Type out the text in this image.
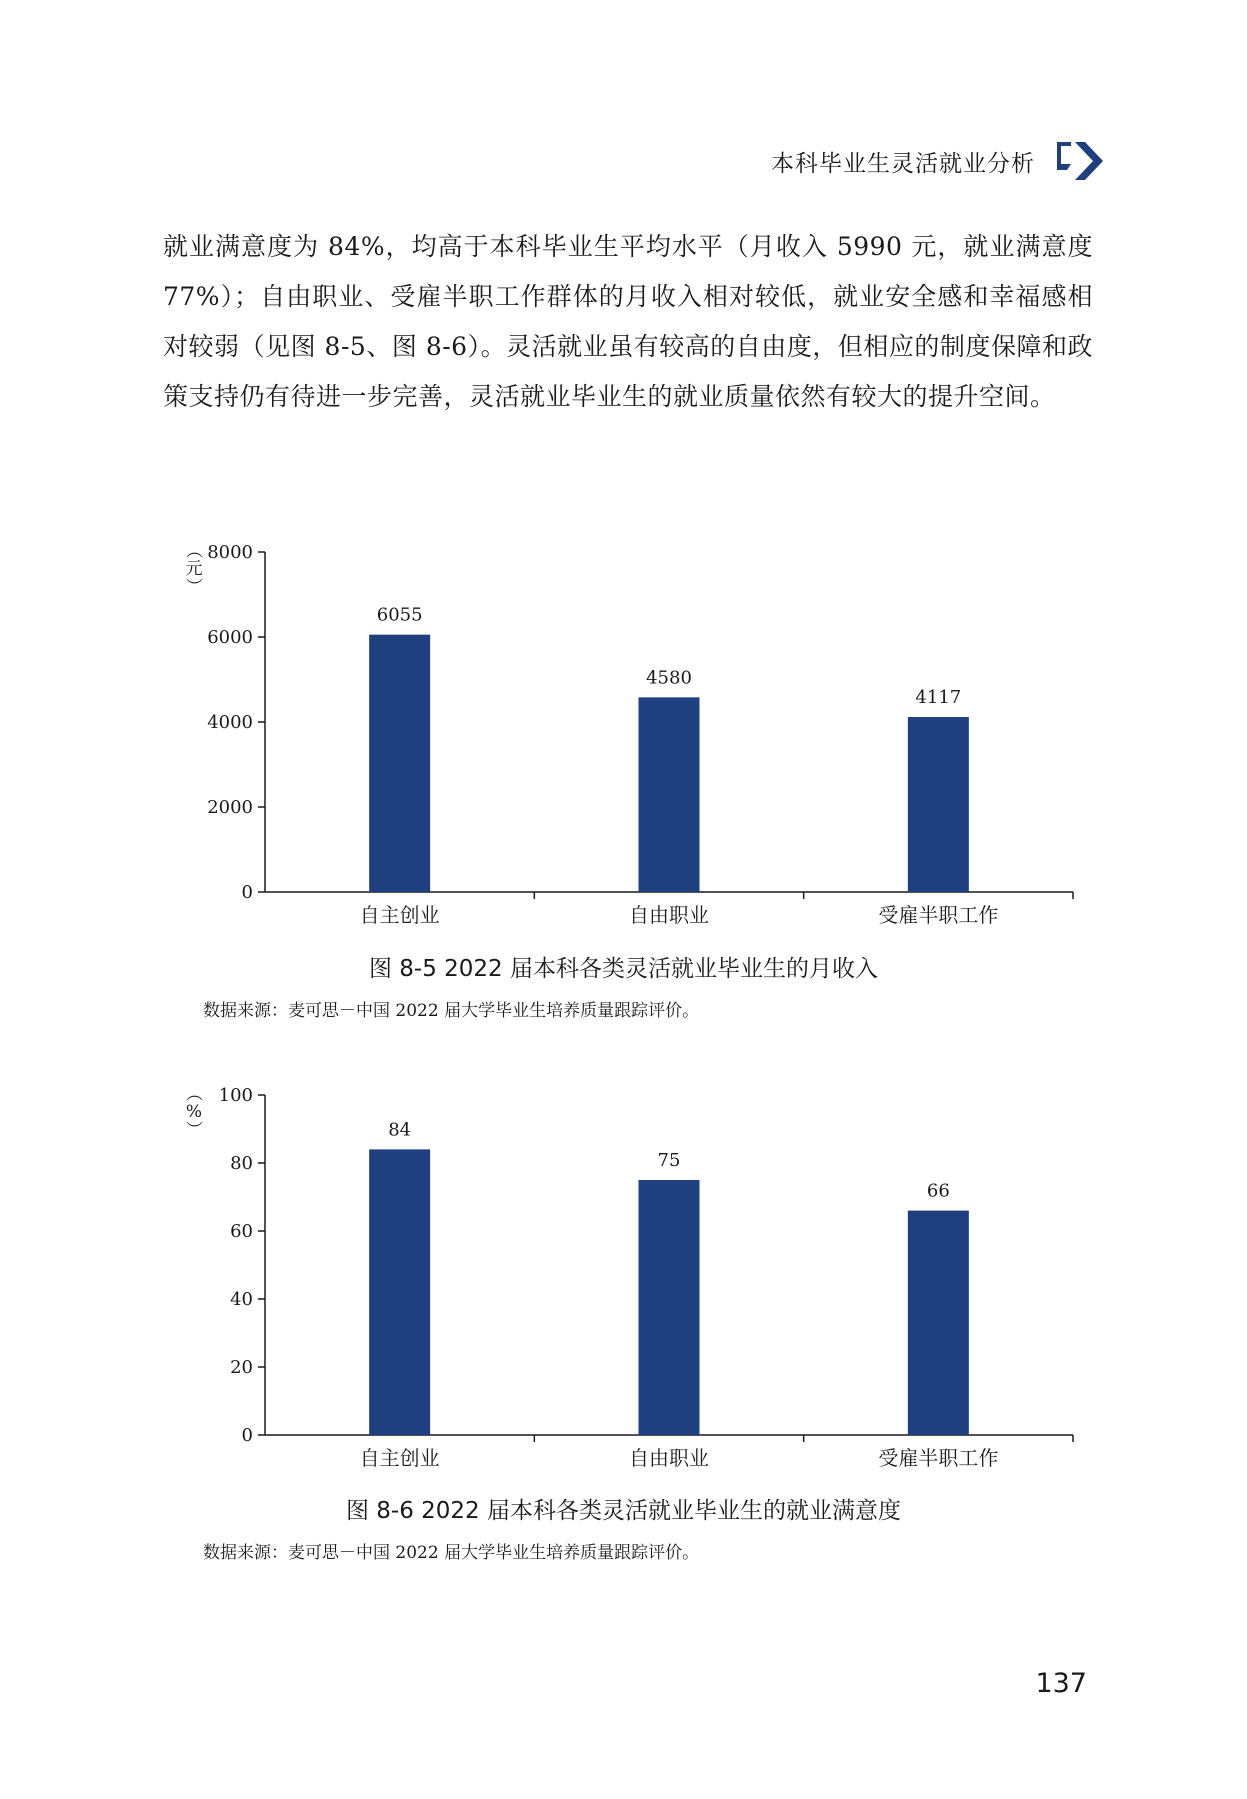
本科毕业生灵活就业分析
就业满意度为 84%，均高于本科毕业生平均水平（月收入 5990 元，就业满意度 77%）；自由职业、受雇半职工作群体的月收入相对较低，就业安全感和幸福感相对较弱（见图 8-5、图 8-6）。灵活就业虽有较高的自由度，但相应的制度保障和政策支持仍有待进一步完善，灵活就业毕业生的就业质量依然有较大的提升空间。
0
2000
4000
6000
8000
（
元
）
6055
自主创业
4580
自由职业
4117
受雇半职工作
图 8-5 2022 届本科各类灵活就业毕业生的月收入
数据来源：麦可思－中国 2022 届大学毕业生培养质量跟踪评价。
0
20
40
60
80
100
（
%
）	84
自主创业
75
自由职业
66
受雇半职工作
图 8-6 2022 届本科各类灵活就业毕业生的就业满意度
数据来源：麦可思－中国 2022 届大学毕业生培养质量跟踪评价。
137
